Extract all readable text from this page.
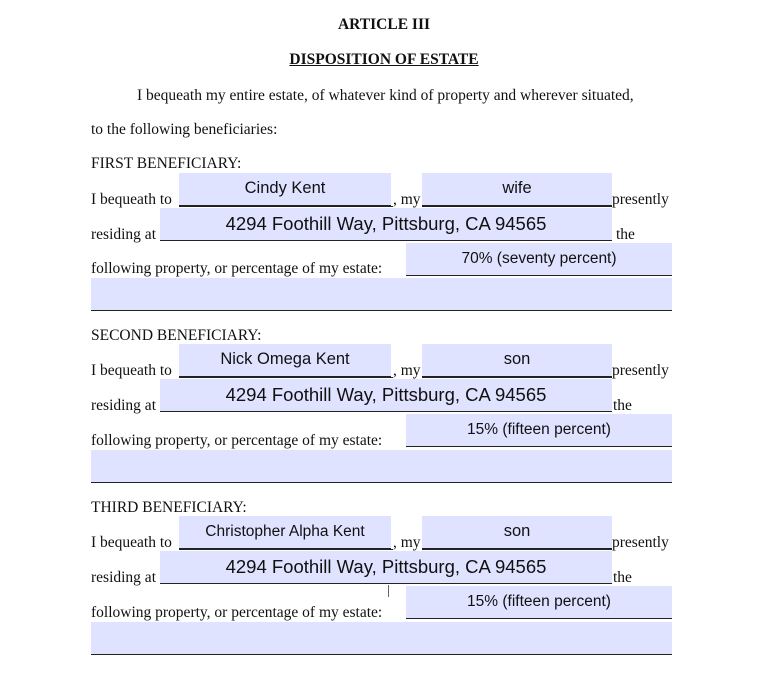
ARTICLE III
DISPOSITION OF ESTATE
I bequeath my entire estate, of whatever kind of property and wherever situated,
to the following beneficiaries:
FIRST BENEFICIARY:
I bequeath to
Cindy Kent
, my
wife
presently
residing at
4294 Foothill Way, Pittsburg, CA 94565
the
following property, or percentage of my estate:
70% (seventy percent)
SECOND BENEFICIARY:
I bequeath to
Nick Omega Kent
, my
son
presently
residing at
4294 Foothill Way, Pittsburg, CA 94565
the
following property, or percentage of my estate:
15% (fifteen percent)
THIRD BENEFICIARY:
I bequeath to
Christopher Alpha Kent
, my
son
presently
residing at
4294 Foothill Way, Pittsburg, CA 94565
the
following property, or percentage of my estate:
15% (fifteen percent)
